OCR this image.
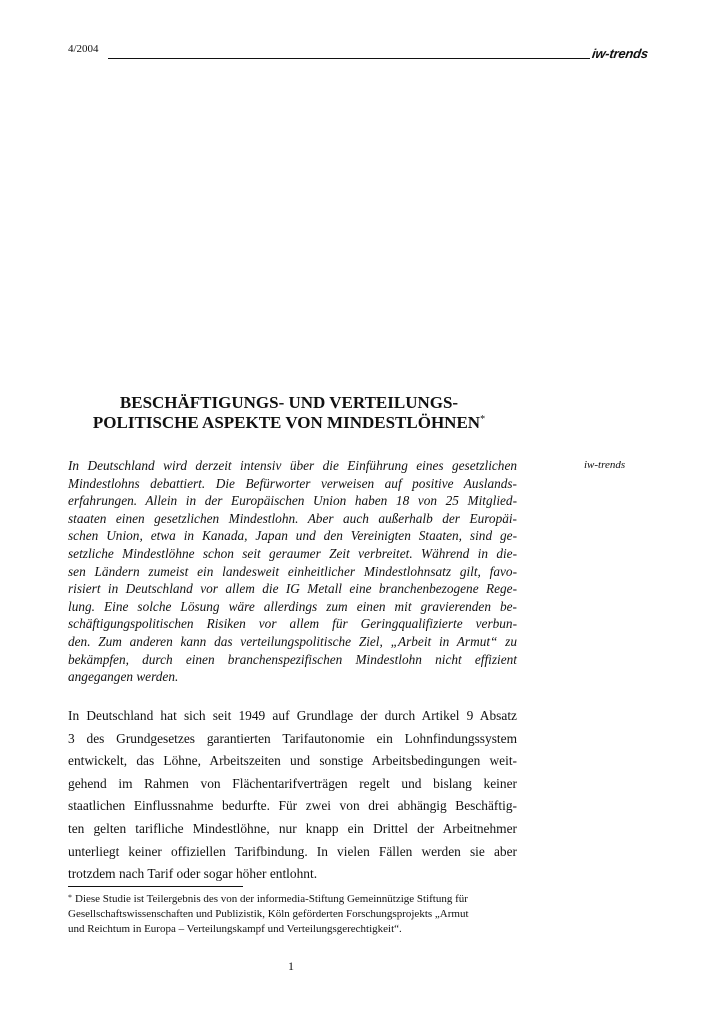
4/2004	iw-trends
BESCHÄFTIGUNGS- UND VERTEILUNGS-
POLITISCHE ASPEKTE VON MINDESTLÖHNEN*
iw-trends
In Deutschland wird derzeit intensiv über die Einführung eines gesetzlichen
Mindestlohns debattiert. Die Befürworter verweisen auf positive Auslands-
erfahrungen. Allein in der Europäischen Union haben 18 von 25 Mitglied-
staaten einen gesetzlichen Mindestlohn. Aber auch außerhalb der Europäi-
schen Union, etwa in Kanada, Japan und den Vereinigten Staaten, sind ge-
setzliche Mindestlöhne schon seit geraumer Zeit verbreitet. Während in die-
sen Ländern zumeist ein landesweit einheitlicher Mindestlohnsatz gilt, favo-
risiert in Deutschland vor allem die IG Metall eine branchenbezogene Rege-
lung. Eine solche Lösung wäre allerdings zum einen mit gravierenden be-
schäftigungspolitischen Risiken vor allem für Geringqualifizierte verbun-
den. Zum anderen kann das verteilungspolitische Ziel, „Arbeit in Armut“ zu
bekämpfen, durch einen branchenspezifischen Mindestlohn nicht effizient
angegangen werden.
In Deutschland hat sich seit 1949 auf Grundlage der durch Artikel 9 Absatz
3 des Grundgesetzes garantierten Tarifautonomie ein Lohnfindungssystem
entwickelt, das Löhne, Arbeitszeiten und sonstige Arbeitsbedingungen weit-
gehend im Rahmen von Flächentarifverträgen regelt und bislang keiner
staatlichen Einflussnahme bedurfte. Für zwei von drei abhängig Beschäftig-
ten gelten tarifliche Mindestlöhne, nur knapp ein Drittel der Arbeitnehmer
unterliegt keiner offiziellen Tarifbindung. In vielen Fällen werden sie aber
trotzdem nach Tarif oder sogar höher entlohnt.
* Diese Studie ist Teilergebnis des von der informedia-Stiftung Gemeinnützige Stiftung für
Gesellschaftswissenschaften und Publizistik, Köln geförderten Forschungsprojekts „Armut
und Reichtum in Europa – Verteilungskampf und Verteilungsgerechtigkeit“.
1
